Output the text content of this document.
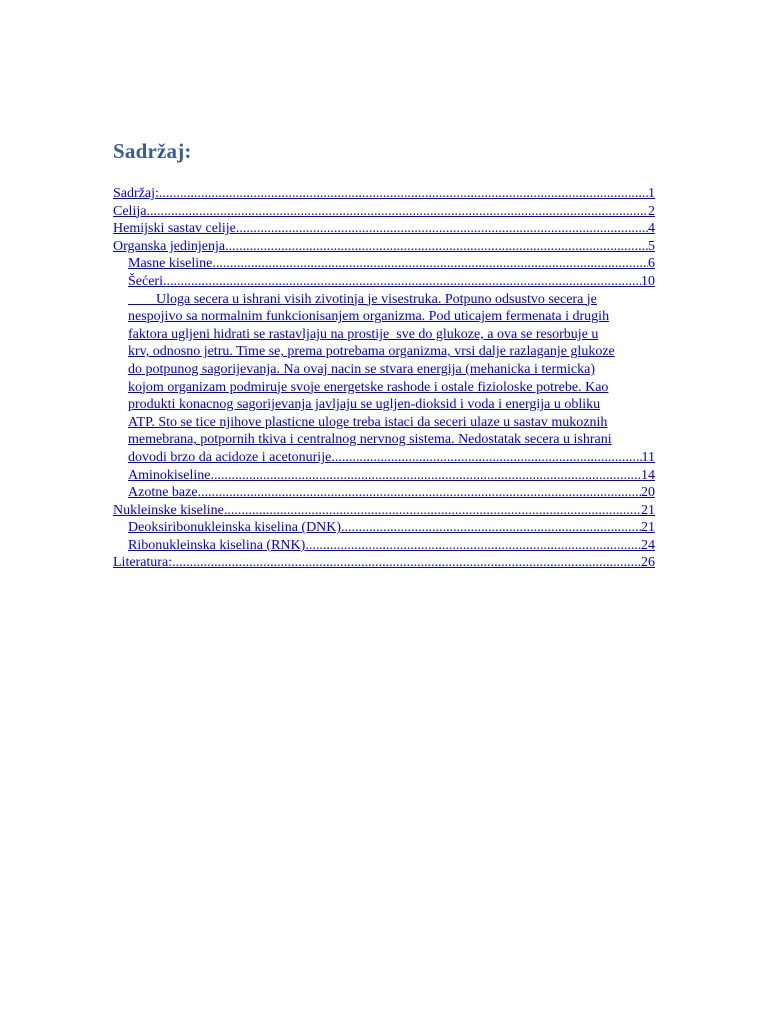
Sadržaj:
Sadržaj: .....	1
Celija .....	2
Hemijski sastav celije .....	4
Organska jedinjenja .....	5
Masne kiseline .....	6
Šećeri .....	10
Uloga secera u ishrani visih zivotinja je visestruka. Potpuno odsustvo secera je
nespojivo sa normalnim funkcionisanjem organizma. Pod uticajem fermenata i drugih
faktora ugljeni hidrati se rastavljaju na prostije  sve do glukoze, a ova se resorbuje u
krv, odnosno jetru. Time se, prema potrebama organizma, vrsi dalje razlaganje glukoze
do potpunog sagorijevanja. Na ovaj nacin se stvara energija (mehanicka i termicka)
kojom organizam podmiruje svoje energetske rashode i ostale fizioloske potrebe. Kao
produkti konacnog sagorijevanja javljaju se ugljen-dioksid i voda i energija u obliku
ATP. Sto se tice njihove plasticne uloge treba istaci da seceri ulaze u sastav mukoznih
memebrana, potpornih tkiva i centralnog nervnog sistema. Nedostatak secera u ishrani
dovodi brzo da acidoze i acetonurije .....	11
Aminokiseline .....	14
Azotne baze .....	20
Nukleinske kiseline .....	21
Deoksiribonukleinska kiselina (DNK) .....	21
Ribonukleinska kiselina (RNK) .....	24
Literatura: .....	26
